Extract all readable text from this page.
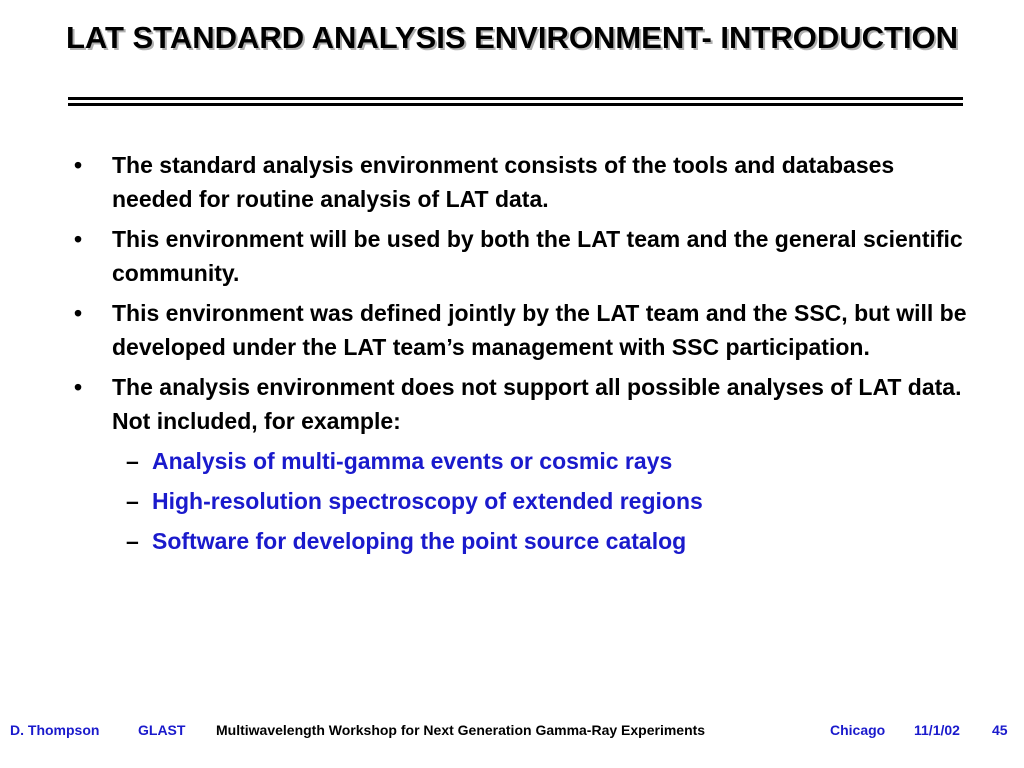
LAT STANDARD ANALYSIS ENVIRONMENT- INTRODUCTION
•	The standard analysis environment consists of the tools and databases needed for routine analysis of LAT data.
•	This environment will be used by both the LAT team and the general scientific community.
•	This environment was defined jointly by the LAT team and the SSC, but will be developed under the LAT team’s management with SSC participation.
•	The analysis environment does not support all possible analyses of LAT data. Not included, for example:
– Analysis of multi-gamma events or cosmic rays
– High-resolution spectroscopy of extended regions
– Software for developing the point source catalog
D. Thompson	GLAST Multiwavelength Workshop for Next Generation Gamma-Ray Experiments	Chicago 11/1/02 45
